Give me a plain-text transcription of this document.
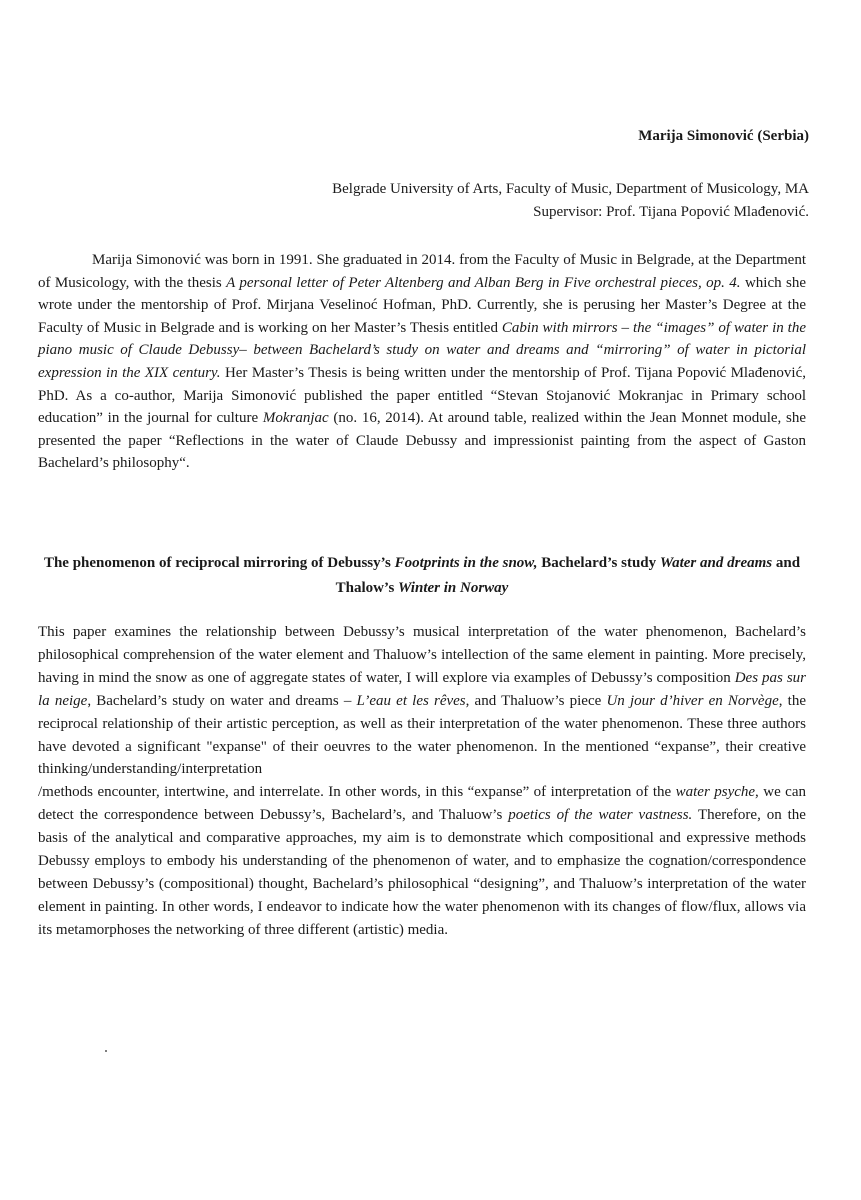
Marija Simonović (Serbia)
Belgrade University of Arts, Faculty of Music, Department of Musicology, MA
Supervisor: Prof. Tijana Popović Mlađenović.

Marija Simonović was born in 1991. She graduated in 2014. from the Faculty of Music in Belgrade, at the Department of Musicology, with the thesis A personal letter of Peter Altenberg and Alban Berg in Five orchestral pieces, op. 4. which she wrote under the mentorship of Prof. Mirjana Veselinoć Hofman, PhD. Currently, she is perusing her Master’s Degree at the Faculty of Music in Belgrade and is working on her Master’s Thesis entitled Cabin with mirrors – the “images” of water in the piano music of Claude Debussy– between Bachelard’s study on water and dreams and “mirroring” of water in pictorial expression in the XIX century. Her Master’s Thesis is being written under the mentorship of Prof. Tijana Popović Mlađenović, PhD. As a co-author, Marija Simonović published the paper entitled “Stevan Stojanović Mokranjac in Primary school education” in the journal for culture Mokranjac (no. 16, 2014). At around table, realized within the Jean Monnet module, she presented the paper “Reflections in the water of Claude Debussy and impressionist painting from the aspect of Gaston Bachelard’s philosophy“.

The phenomenon of reciprocal mirroring of Debussy’s Footprints in the snow, Bachelard’s study Water and dreams and Thalow’s Winter in Norway

This paper examines the relationship between Debussy’s musical interpretation of the water phenomenon, Bachelard’s philosophical comprehension of the water element and Thaluow’s intellection of the same element in painting. More precisely, having in mind the snow as one of aggregate states of water, I will explore via examples of Debussy’s composition Des pas sur la neige, Bachelard’s study on water and dreams – L’eau et les rêves, and Thaluow’s piece Un jour d’hiver en Norvège, the reciprocal relationship of their artistic perception, as well as their interpretation of the water phenomenon. These three authors have devoted a significant "expanse" of their oeuvres to the water phenomenon. In the mentioned “expanse”, their creative thinking/understanding/interpretation

/methods encounter, intertwine, and interrelate. In other words, in this “expanse” of interpretation of the water psyche, we can detect the correspondence between Debussy’s, Bachelard’s, and Thaluow’s poetics of the water vastness. Therefore, on the basis of the analytical and comparative approaches, my aim is to demonstrate which compositional and expressive methods Debussy employs to embody his understanding of the phenomenon of water, and to emphasize the cognation/correspondence between Debussy’s (compositional) thought, Bachelard’s philosophical “designing”, and Thaluow’s interpretation of the water element in painting. In other words, I endeavor to indicate how the water phenomenon with its changes of flow/flux, allows via its metamorphoses the networking of three different (artistic) media.
